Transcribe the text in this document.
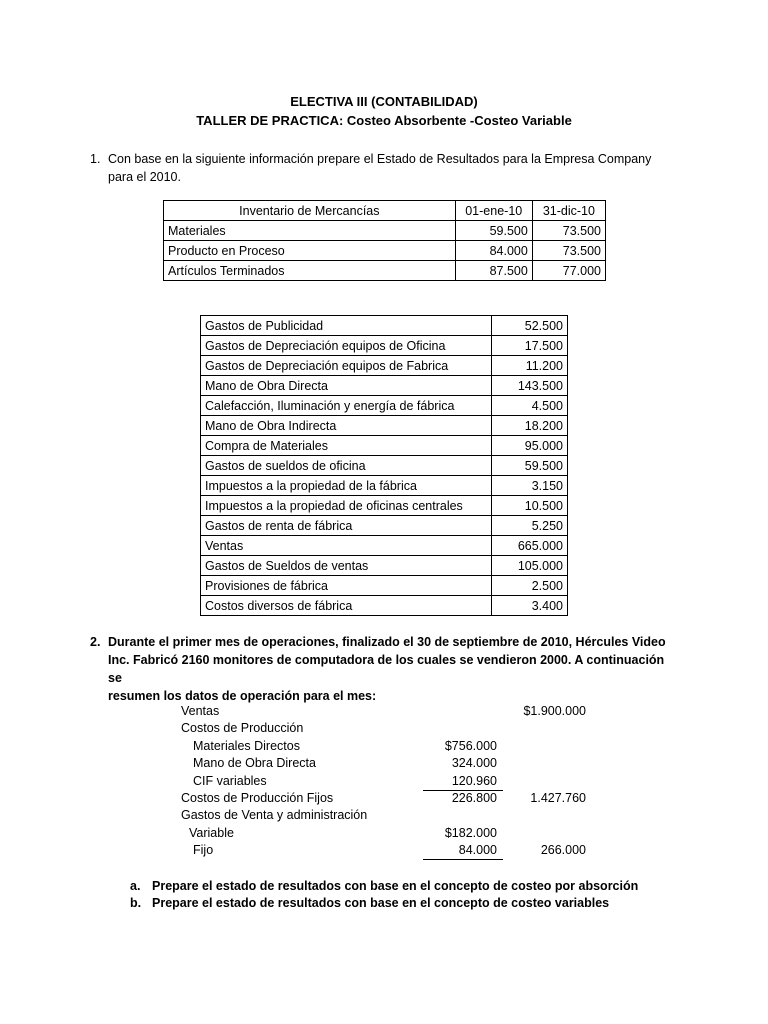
ELECTIVA III (CONTABILIDAD)
TALLER DE PRACTICA: Costeo Absorbente -Costeo Variable
1. Con base en la siguiente información prepare el Estado de Resultados para la Empresa Company
para el 2010.
Inventario de Mercancías	01-ene-10	31-dic-10
Materiales	59.500	73.500
Producto en Proceso	84.000	73.500
Artículos Terminados	87.500	77.000
Gastos de Publicidad	52.500
Gastos de Depreciación equipos de Oficina	17.500
Gastos de Depreciación equipos de Fabrica	11.200
Mano de Obra Directa	143.500
Calefacción, Iluminación y energía de fábrica	4.500
Mano de Obra Indirecta	18.200
Compra de Materiales	95.000
Gastos de sueldos de oficina	59.500
Impuestos a la propiedad de la fábrica	3.150
Impuestos a la propiedad de oficinas centrales	10.500
Gastos de renta de fábrica	5.250
Ventas	665.000
Gastos de Sueldos de ventas	105.000
Provisiones de fábrica	2.500
Costos diversos de fábrica	3.400
2. Durante el primer mes de operaciones, finalizado el 30 de septiembre de 2010, Hércules Video
Inc. Fabricó 2160 monitores de computadora de los cuales se vendieron 2000. A continuación se
resumen los datos de operación para el mes:
Ventas	$1.900.000
Costos de Producción
Materiales Directos	$756.000
Mano de Obra Directa	324.000
CIF variables	120.960
Costos de Producción Fijos	226.800	1.427.760
Gastos de Venta y administración
Variable	$182.000
Fijo	84.000	266.000
a. Prepare el estado de resultados con base en el concepto de costeo por absorción
b. Prepare el estado de resultados con base en el concepto de costeo variables
